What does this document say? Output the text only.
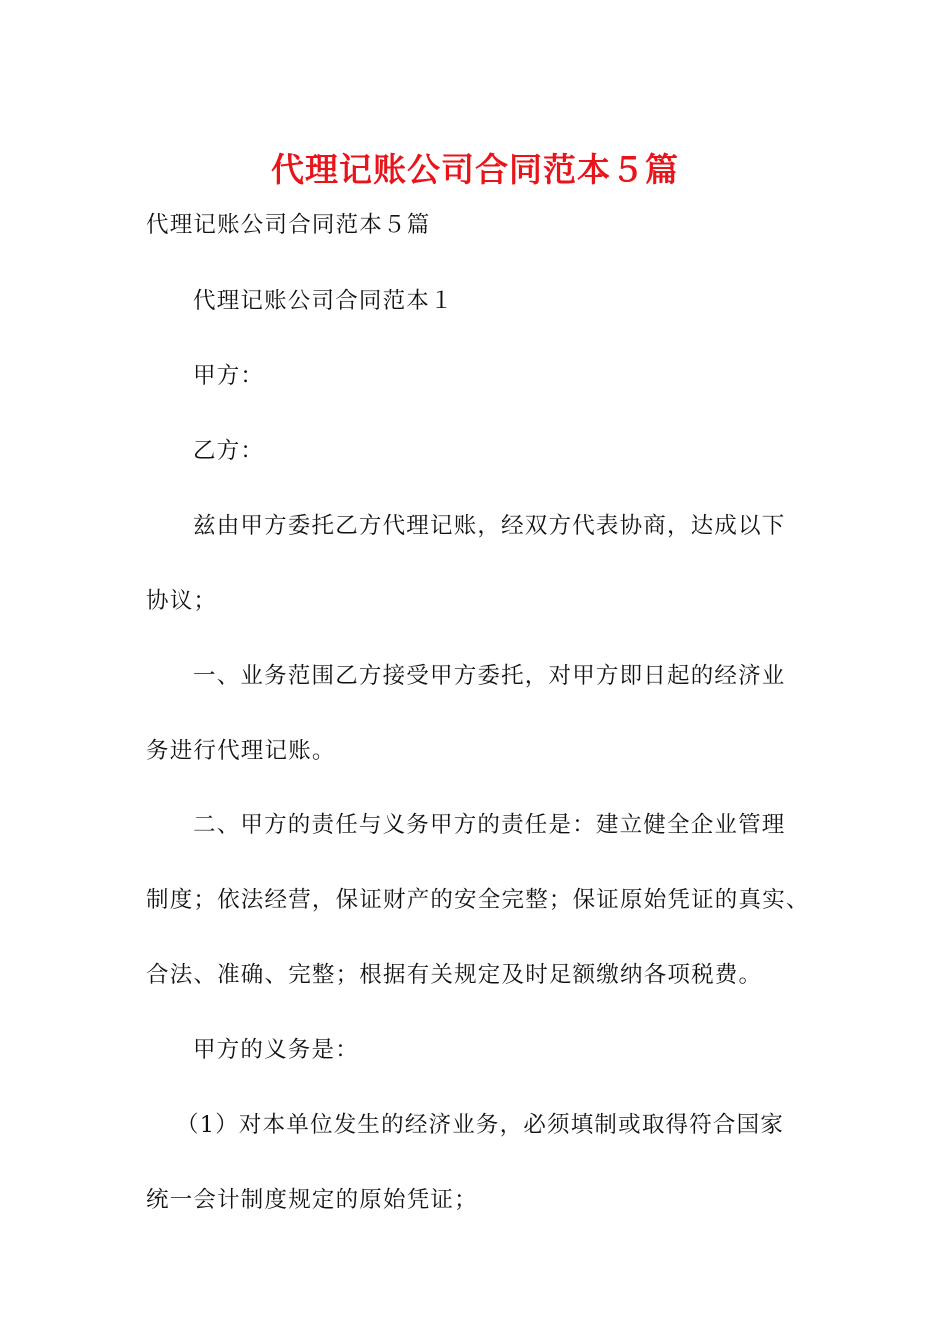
代理记账公司合同范本５篇
代理记账公司合同范本５篇
代理记账公司合同范本１
甲方：
乙方：
兹由甲方委托乙方代理记账，经双方代表协商，达成以下
协议；
一、业务范围乙方接受甲方委托，对甲方即日起的经济业
务进行代理记账。
二、甲方的责任与义务甲方的责任是：建立健全企业管理
制度；依法经营，保证财产的安全完整；保证原始凭证的真实、
合法、准确、完整；根据有关规定及时足额缴纳各项税费。
甲方的义务是：
（1）对本单位发生的经济业务，必须填制或取得符合国家
统一会计制度规定的原始凭证；
